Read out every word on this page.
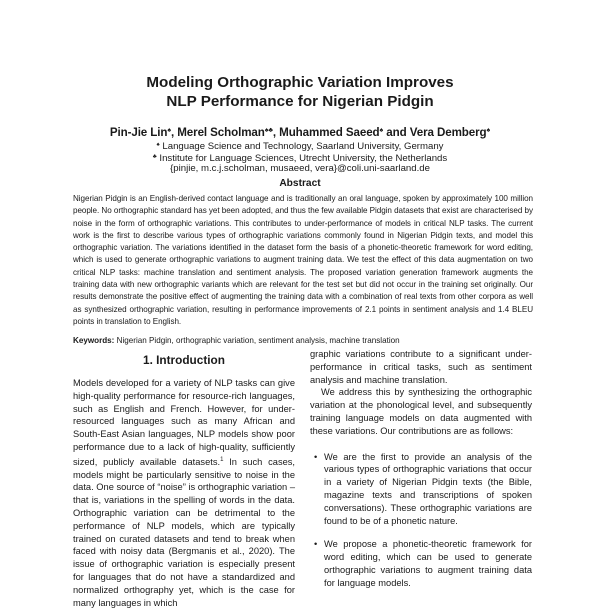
Modeling Orthographic Variation Improves
NLP Performance for Nigerian Pidgin
Pin-Jie Lin♠, Merel Scholman♠♣, Muhammed Saeed♠ and Vera Demberg♠
♠ Language Science and Technology, Saarland University, Germany
♣ Institute for Language Sciences, Utrecht University, the Netherlands
{pinjie, m.c.j.scholman, musaeed, vera}@coli.uni-saarland.de
Abstract
Nigerian Pidgin is an English-derived contact language and is traditionally an oral language, spoken by approximately 100 million people. No orthographic standard has yet been adopted, and thus the few available Pidgin datasets that exist are characterised by noise in the form of orthographic variations. This contributes to under-performance of models in critical NLP tasks. The current work is the first to describe various types of orthographic variations commonly found in Nigerian Pidgin texts, and model this orthographic variation. The variations identified in the dataset form the basis of a phonetic-theoretic framework for word editing, which is used to generate orthographic variations to augment training data. We test the effect of this data augmentation on two critical NLP tasks: machine translation and sentiment analysis. The proposed variation generation framework augments the training data with new orthographic variants which are relevant for the test set but did not occur in the training set originally. Our results demonstrate the positive effect of augmenting the training data with a combination of real texts from other corpora as well as synthesized orthographic variation, resulting in performance improvements of 2.1 points in sentiment analysis and 1.4 BLEU points in translation to English.
Keywords: Nigerian Pidgin, orthographic variation, sentiment analysis, machine translation
1. Introduction

Models developed for a variety of NLP tasks can give high-quality performance for resource-rich languages, such as English and French. However, for under-resourced languages such as many African and South-East Asian languages, NLP models show poor performance due to a lack of high-quality, sufficiently sized, publicly available datasets.$^1$ In such cases, models might be particularly sensitive to noise in the data. One source of “noise” is orthographic variation – that is, variations in the spelling of words in the data. Orthographic variation can be detrimental to the performance of NLP models, which are typically trained on curated datasets and tend to break when faced with noisy data (Bergmanis et al., 2020). The issue of orthographic variation is especially present for languages that do not have a standardized and normalized orthography yet, which is the case for many languages in which

graphic variations contribute to a significant under-performance in critical tasks, such as sentiment analysis and machine translation.

We address this by synthesizing the orthographic variation at the phonological level, and subsequently training language models on data augmented with these variations. Our contributions are as follows:

• We are the first to provide an analysis of the various types of orthographic variations that occur in a variety of Nigerian Pidgin texts (the Bible, magazine texts and transcriptions of spoken conversations). These orthographic variations are found to be of a phonetic nature.
• We propose a phonetic-theoretic framework for word editing, which can be used to generate orthographic variations to augment training data for language models.
